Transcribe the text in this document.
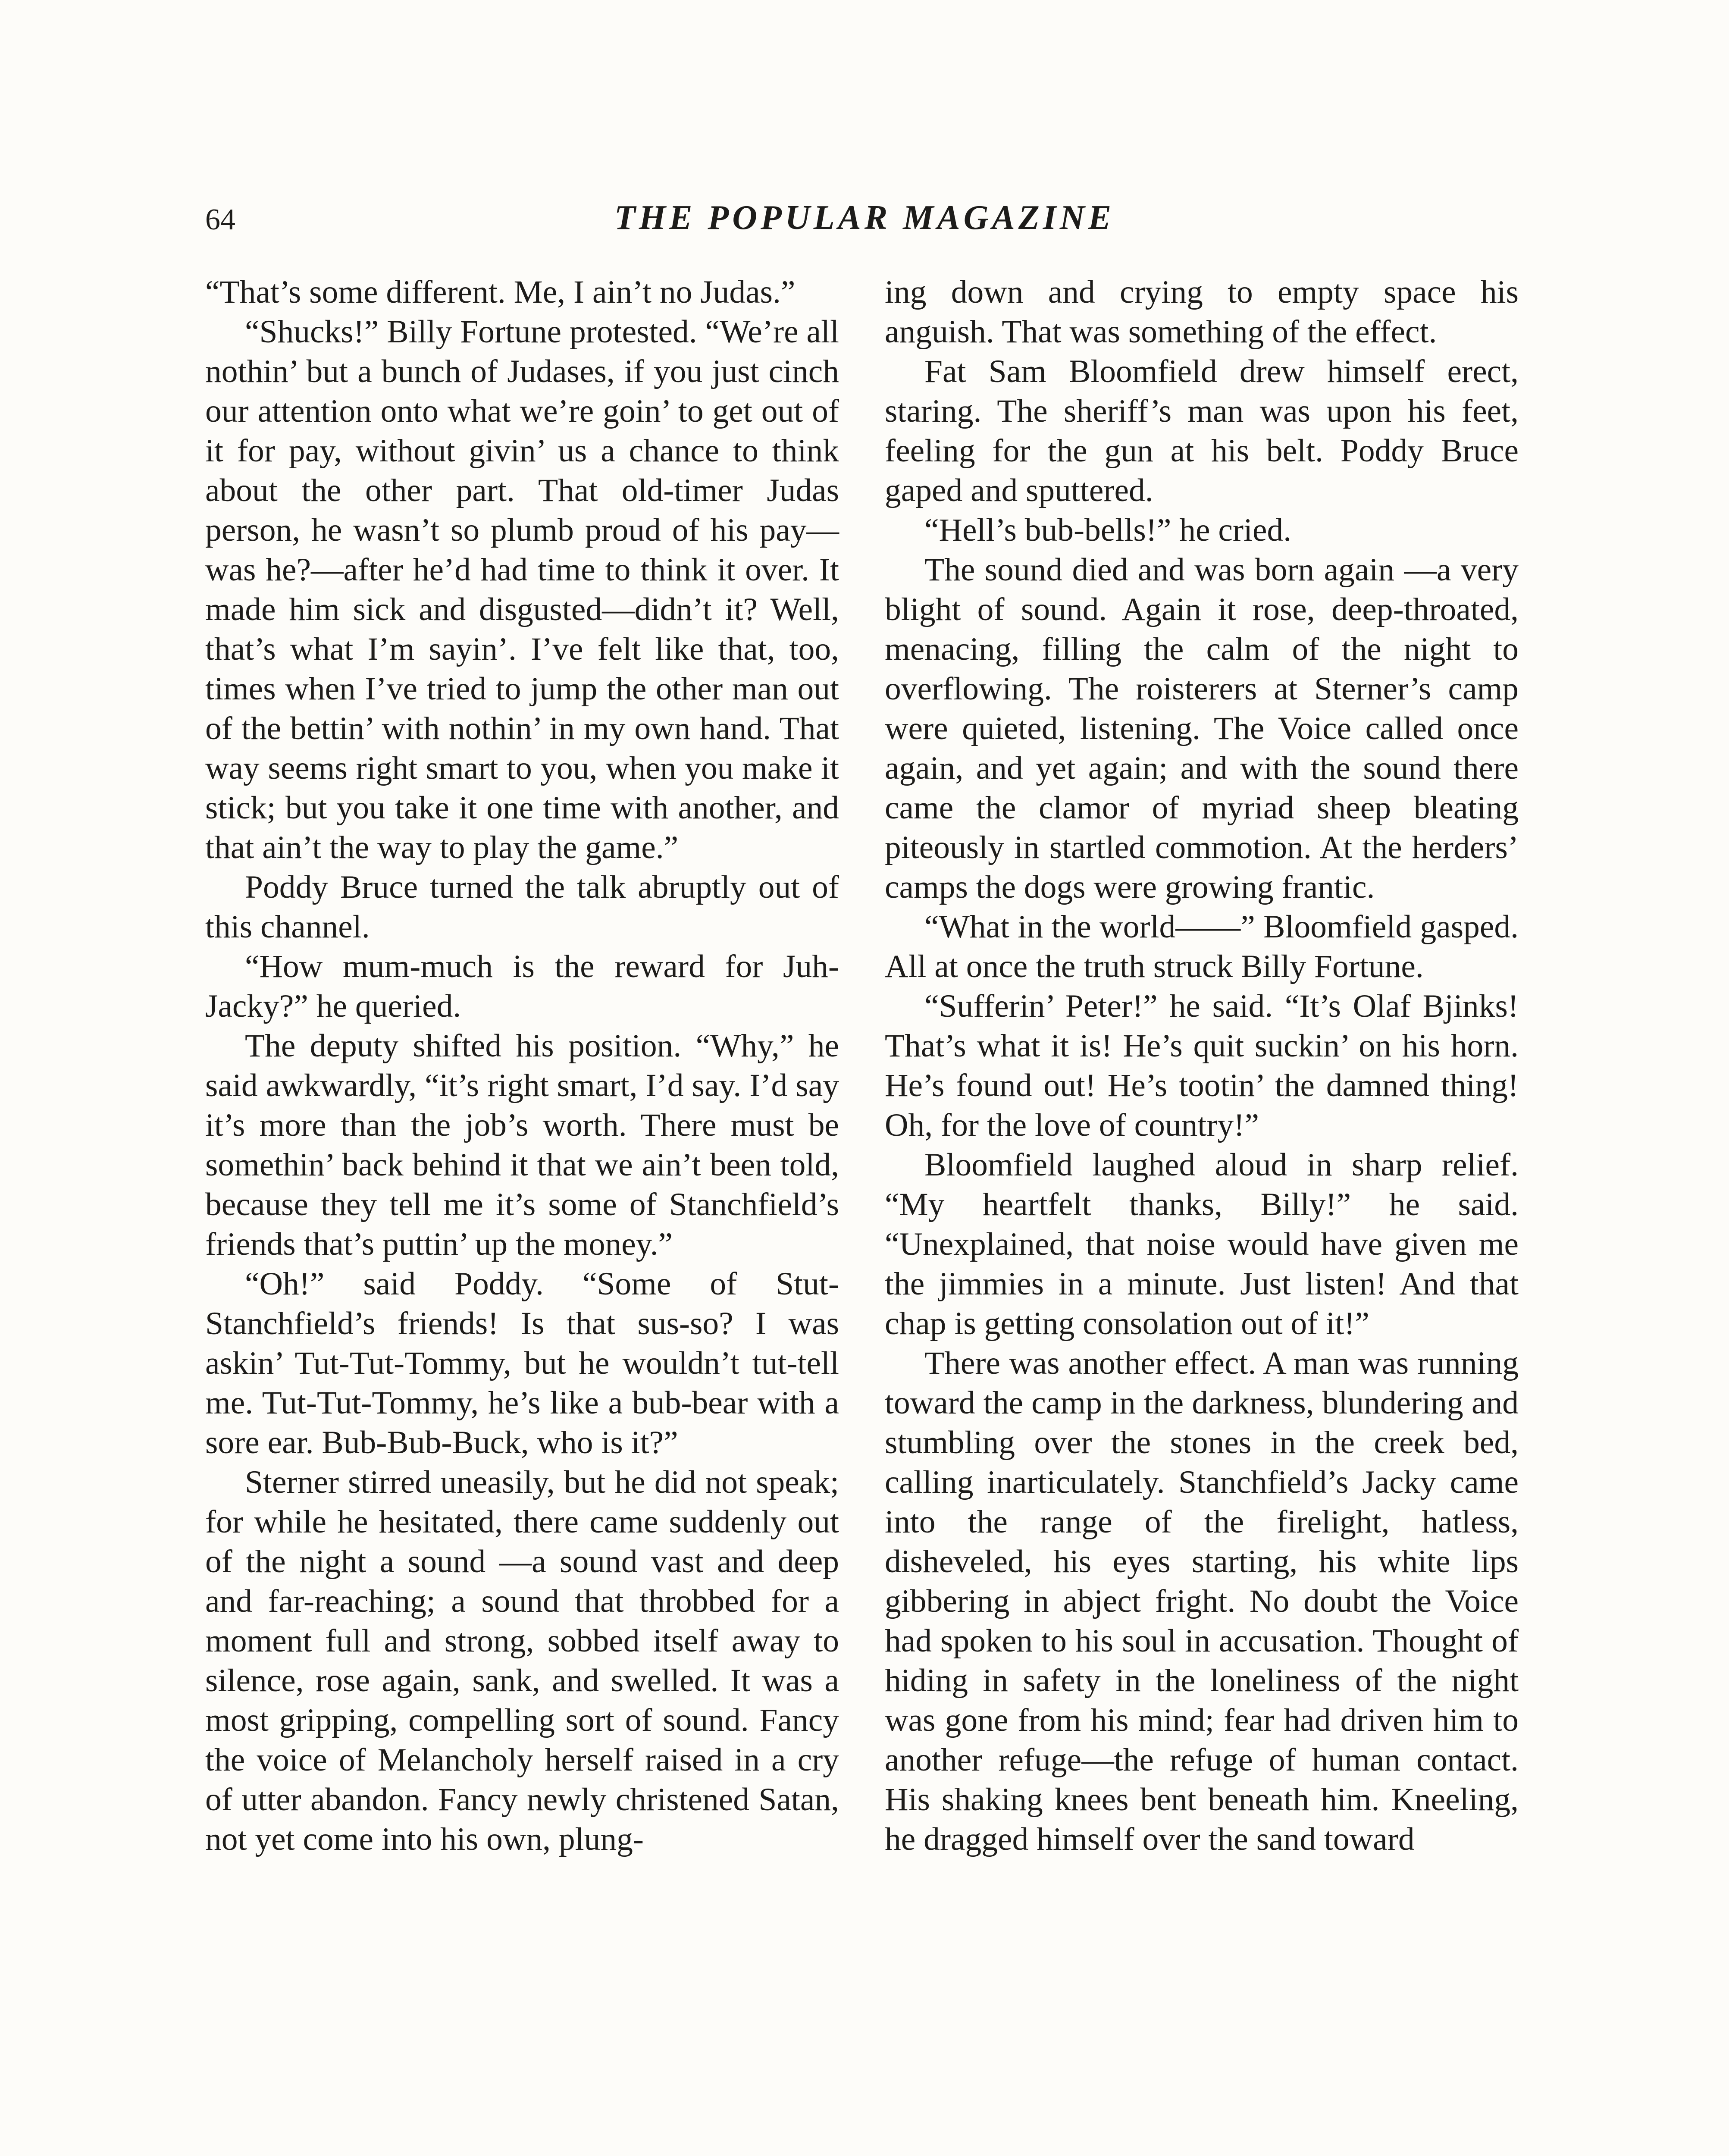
64	THE POPULAR MAGAZINE

“That’s some different. Me, I ain’t no Judas.”

“Shucks!” Billy Fortune protested. “We’re all nothin’ but a bunch of Judases, if you just cinch our attention onto what we’re goin’ to get out of it for pay, without givin’ us a chance to think about the other part. That old-timer Judas person, he wasn’t so plumb proud of his pay—was he?—after he’d had time to think it over. It made him sick and disgusted—didn’t it? Well, that’s what I’m sayin’. I’ve felt like that, too, times when I’ve tried to jump the other man out of the bettin’ with nothin’ in my own hand. That way seems right smart to you, when you make it stick; but you take it one time with another, and that ain’t the way to play the game.”

Poddy Bruce turned the talk abruptly out of this channel.

“How mum-much is the reward for Juh-Jacky?” he queried.

The deputy shifted his position. “Why,” he said awkwardly, “it’s right smart, I’d say. I’d say it’s more than the job’s worth. There must be somethin’ back behind it that we ain’t been told, because they tell me it’s some of Stanchfield’s friends that’s puttin’ up the money.”

“Oh!” said Poddy. “Some of Stut-Stanchfield’s friends! Is that sus-so? I was askin’ Tut-Tut-Tommy, but he wouldn’t tut-tell me. Tut-Tut-Tommy, he’s like a bub-bear with a sore ear. Bub-Bub-Buck, who is it?”

Sterner stirred uneasily, but he did not speak; for while he hesitated, there came suddenly out of the night a sound —a sound vast and deep and far-reaching; a sound that throbbed for a moment full and strong, sobbed itself away to silence, rose again, sank, and swelled. It was a most gripping, compelling sort of sound. Fancy the voice of Melancholy herself raised in a cry of utter abandon. Fancy newly christened Satan, not yet come into his own, plung-

ing down and crying to empty space his anguish. That was something of the effect.

Fat Sam Bloomfield drew himself erect, staring. The sheriff’s man was upon his feet, feeling for the gun at his belt. Poddy Bruce gaped and sputtered.

“Hell’s bub-bells!” he cried.

The sound died and was born again —a very blight of sound. Again it rose, deep-throated, menacing, filling the calm of the night to overflowing. The roisterers at Sterner’s camp were quieted, listening. The Voice called once again, and yet again; and with the sound there came the clamor of myriad sheep bleating piteously in startled commotion. At the herders’ camps the dogs were growing frantic.

“What in the world——” Bloomfield gasped. All at once the truth struck Billy Fortune.

“Sufferin’ Peter!” he said. “It’s Olaf Bjinks! That’s what it is! He’s quit suckin’ on his horn. He’s found out! He’s tootin’ the damned thing! Oh, for the love of country!”

Bloomfield laughed aloud in sharp relief. “My heartfelt thanks, Billy!” he said. “Unexplained, that noise would have given me the jimmies in a minute. Just listen! And that chap is getting consolation out of it!”

There was another effect. A man was running toward the camp in the darkness, blundering and stumbling over the stones in the creek bed, calling inarticulately. Stanchfield’s Jacky came into the range of the firelight, hatless, disheveled, his eyes starting, his white lips gibbering in abject fright. No doubt the Voice had spoken to his soul in accusation. Thought of hiding in safety in the loneliness of the night was gone from his mind; fear had driven him to another refuge—the refuge of human contact. His shaking knees bent beneath him. Kneeling, he dragged himself over the sand toward
